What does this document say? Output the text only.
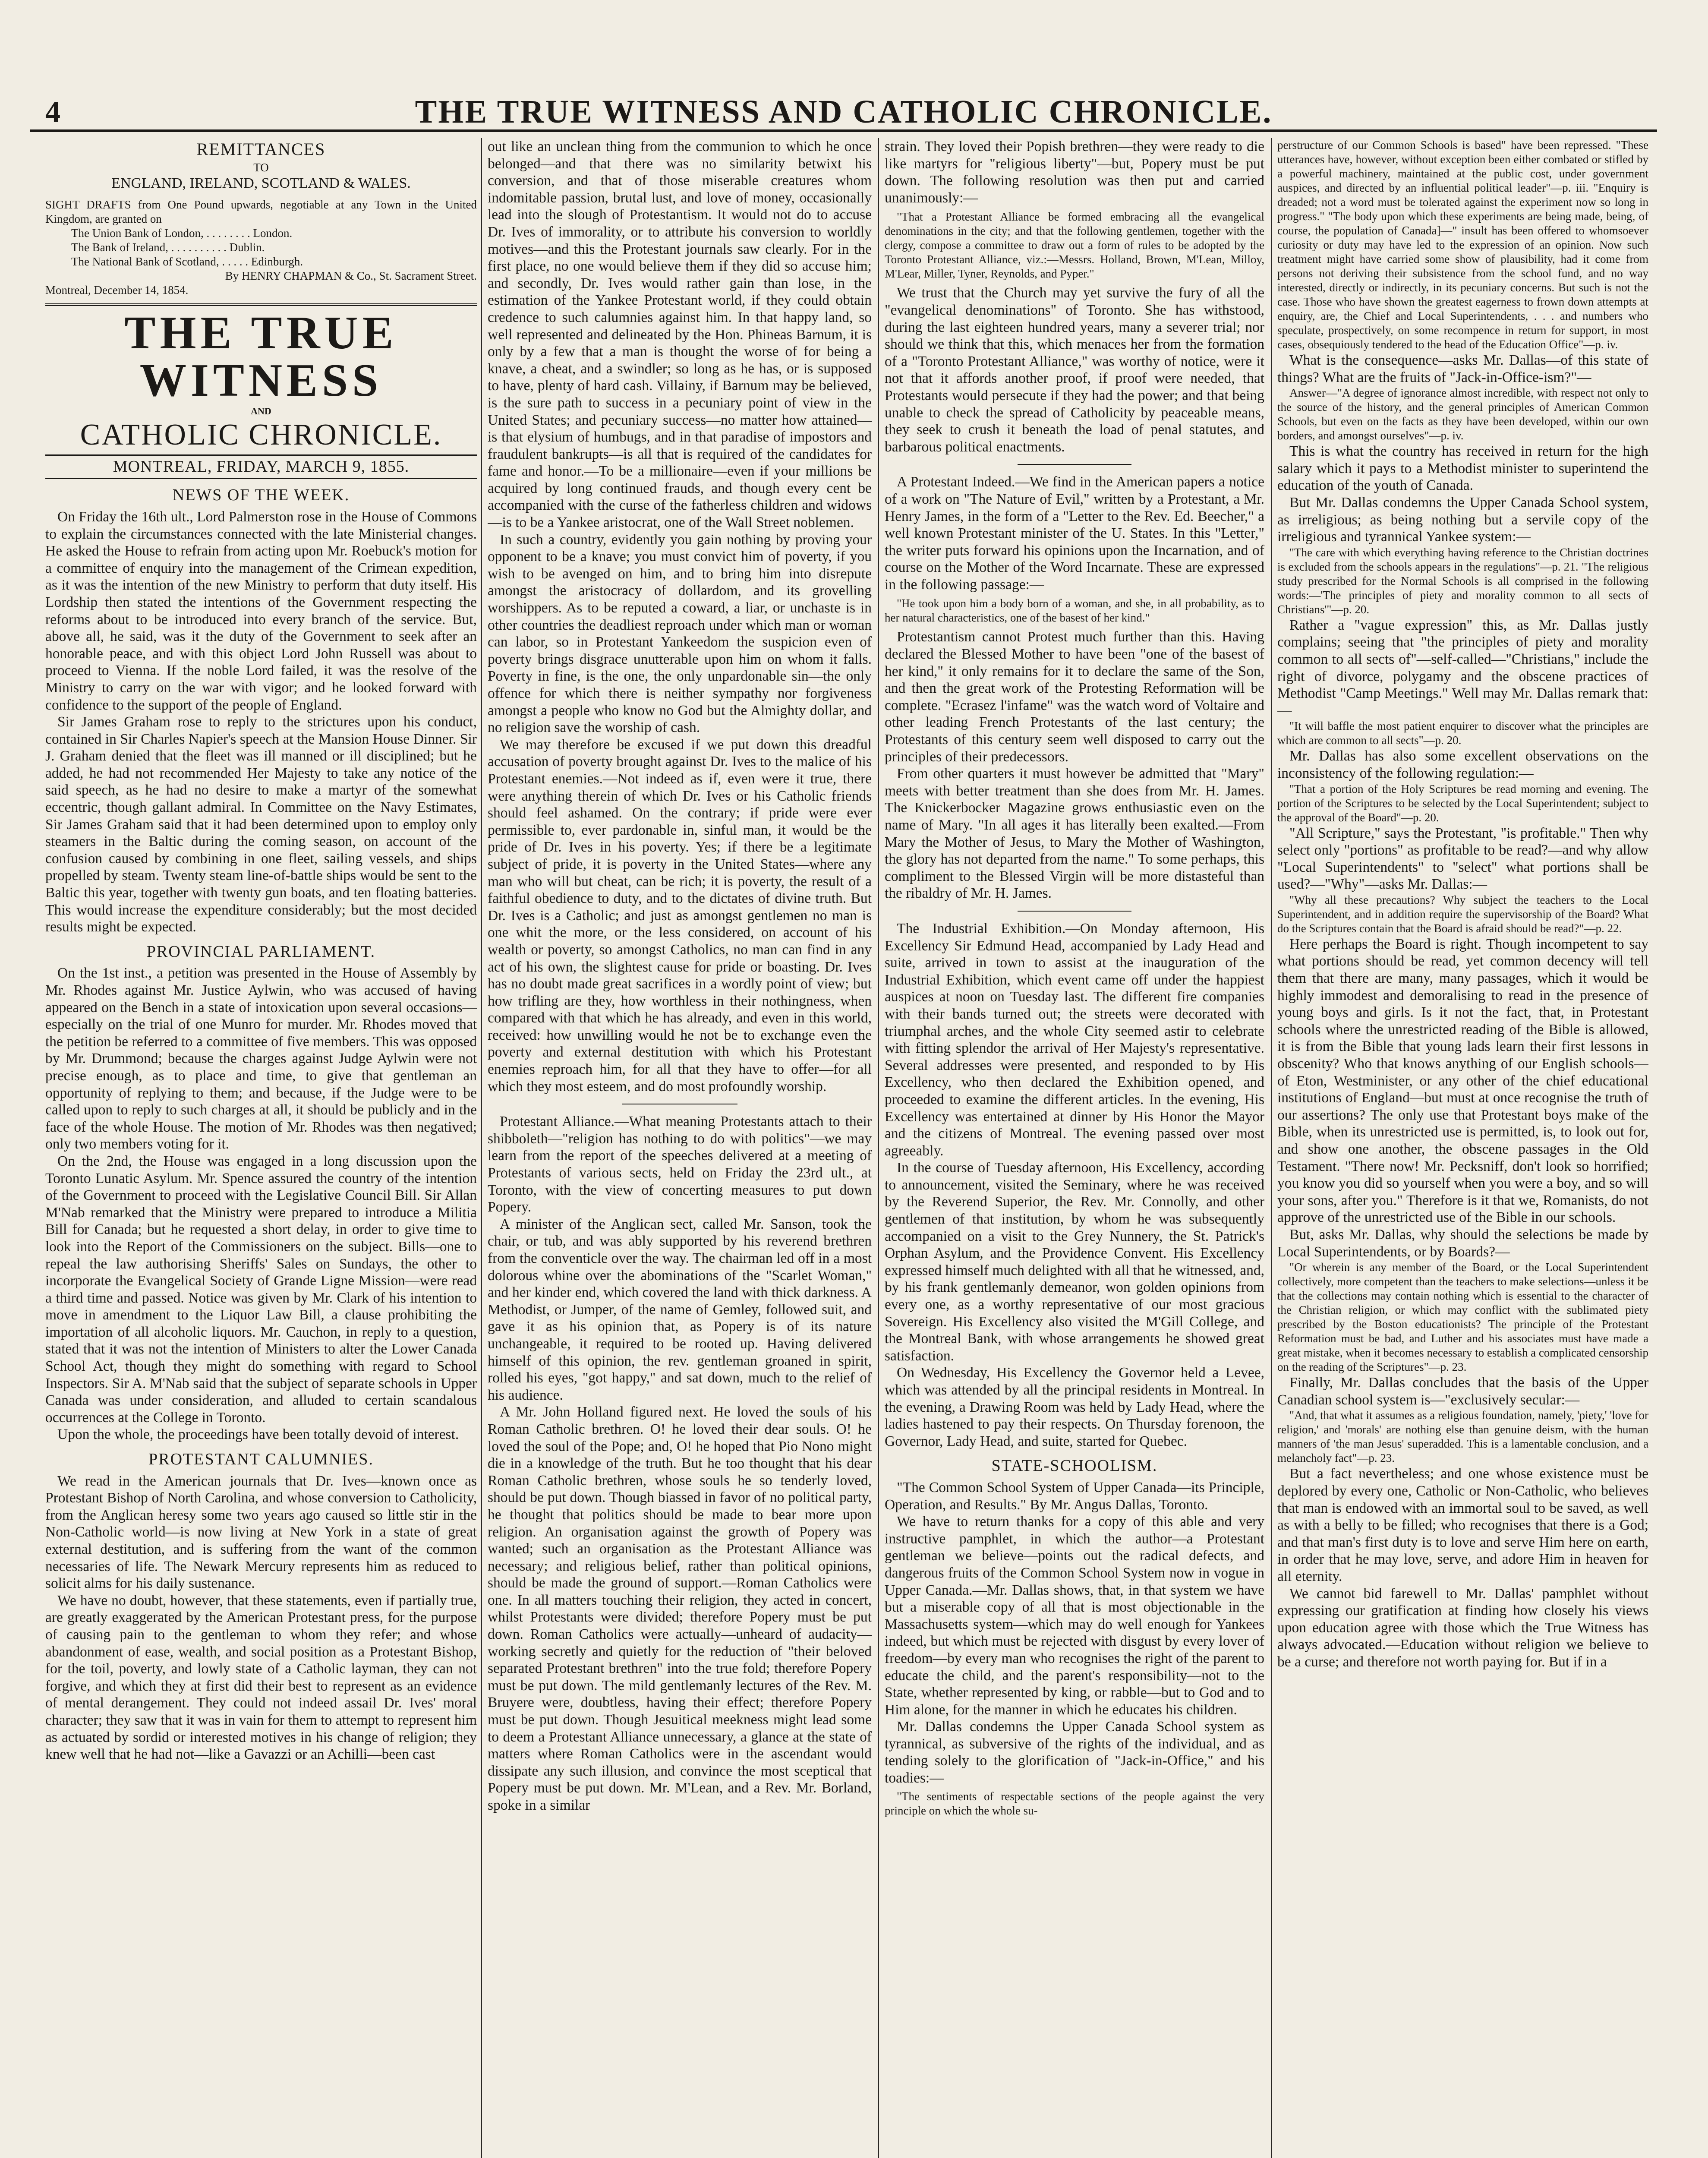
4	THE TRUE WITNESS AND CATHOLIC CHRONICLE.
REMITTANCES
TO
ENGLAND, IRELAND, SCOTLAND & WALES.

SIGHT DRAFTS from One Pound upwards, negotiable at any Town in the United Kingdom, are granted on

The Union Bank of London, . . . . . . . . London.

The Bank of Ireland, . . . . . . . . . . Dublin.

The National Bank of Scotland, . . . . . Edinburgh.

By HENRY CHAPMAN & Co., St. Sacrament Street.

Montreal, December 14, 1854.

THE TRUE WITNESS
AND
CATHOLIC CHRONICLE.
MONTREAL, FRIDAY, MARCH 9, 1855.
NEWS OF THE WEEK.

On Friday the 16th ult., Lord Palmerston rose in the House of Commons to explain the circumstances connected with the late Ministerial changes. He asked the House to refrain from acting upon Mr. Roebuck's motion for a committee of enquiry into the management of the Crimean expedition, as it was the intention of the new Ministry to perform that duty itself. His Lordship then stated the intentions of the Government respecting the reforms about to be introduced into every branch of the service. But, above all, he said, was it the duty of the Government to seek after an honorable peace, and with this object Lord John Russell was about to proceed to Vienna. If the noble Lord failed, it was the resolve of the Ministry to carry on the war with vigor; and he looked forward with confidence to the support of the people of England.

Sir James Graham rose to reply to the strictures upon his conduct, contained in Sir Charles Napier's speech at the Mansion House Dinner. Sir J. Graham denied that the fleet was ill manned or ill disciplined; but he added, he had not recommended Her Majesty to take any notice of the said speech, as he had no desire to make a martyr of the somewhat eccentric, though gallant admiral. In Committee on the Navy Estimates, Sir James Graham said that it had been determined upon to employ only steamers in the Baltic during the coming season, on account of the confusion caused by combining in one fleet, sailing vessels, and ships propelled by steam. Twenty steam line-of-battle ships would be sent to the Baltic this year, together with twenty gun boats, and ten floating batteries. This would increase the expenditure considerably; but the most decided results might be expected.

PROVINCIAL PARLIAMENT.

On the 1st inst., a petition was presented in the House of Assembly by Mr. Rhodes against Mr. Justice Aylwin, who was accused of having appeared on the Bench in a state of intoxication upon several occasions—especially on the trial of one Munro for murder. Mr. Rhodes moved that the petition be referred to a committee of five members. This was opposed by Mr. Drummond; because the charges against Judge Aylwin were not precise enough, as to place and time, to give that gentleman an opportunity of replying to them; and because, if the Judge were to be called upon to reply to such charges at all, it should be publicly and in the face of the whole House. The motion of Mr. Rhodes was then negatived; only two members voting for it.

On the 2nd, the House was engaged in a long discussion upon the Toronto Lunatic Asylum. Mr. Spence assured the country of the intention of the Government to proceed with the Legislative Council Bill. Sir Allan M'Nab remarked that the Ministry were prepared to introduce a Militia Bill for Canada; but he requested a short delay, in order to give time to look into the Report of the Commissioners on the subject. Bills—one to repeal the law authorising Sheriffs' Sales on Sundays, the other to incorporate the Evangelical Society of Grande Ligne Mission—were read a third time and passed. Notice was given by Mr. Clark of his intention to move in amendment to the Liquor Law Bill, a clause prohibiting the importation of all alcoholic liquors. Mr. Cauchon, in reply to a question, stated that it was not the intention of Ministers to alter the Lower Canada School Act, though they might do something with regard to School Inspectors. Sir A. M'Nab said that the subject of separate schools in Upper Canada was under consideration, and alluded to certain scandalous occurrences at the College in Toronto.

Upon the whole, the proceedings have been totally devoid of interest.

PROTESTANT CALUMNIES.

We read in the American journals that Dr. Ives—known once as Protestant Bishop of North Carolina, and whose conversion to Catholicity, from the Anglican heresy some two years ago caused so little stir in the Non-Catholic world—is now living at New York in a state of great external destitution, and is suffering from the want of the common necessaries of life. The Newark Mercury represents him as reduced to solicit alms for his daily sustenance.

We have no doubt, however, that these statements, even if partially true, are greatly exaggerated by the American Protestant press, for the purpose of causing pain to the gentleman to whom they refer; and whose abandonment of ease, wealth, and social position as a Protestant Bishop, for the toil, poverty, and lowly state of a Catholic layman, they can not forgive, and which they at first did their best to represent as an evidence of mental derangement. They could not indeed assail Dr. Ives' moral character; they saw that it was in vain for them to attempt to represent him as actuated by sordid or interested motives in his change of religion; they knew well that he had not—like a Gavazzi or an Achilli—been cast

out like an unclean thing from the communion to which he once belonged—and that there was no similarity betwixt his conversion, and that of those miserable creatures whom indomitable passion, brutal lust, and love of money, occasionally lead into the slough of Protestantism. It would not do to accuse Dr. Ives of immorality, or to attribute his conversion to worldly motives—and this the Protestant journals saw clearly. For in the first place, no one would believe them if they did so accuse him; and secondly, Dr. Ives would rather gain than lose, in the estimation of the Yankee Protestant world, if they could obtain credence to such calumnies against him. In that happy land, so well represented and delineated by the Hon. Phineas Barnum, it is only by a few that a man is thought the worse of for being a knave, a cheat, and a swindler; so long as he has, or is supposed to have, plenty of hard cash. Villainy, if Barnum may be believed, is the sure path to success in a pecuniary point of view in the United States; and pecuniary success—no matter how attained—is that elysium of humbugs, and in that paradise of impostors and fraudulent bankrupts—is all that is required of the candidates for fame and honor.—To be a millionaire—even if your millions be acquired by long continued frauds, and though every cent be accompanied with the curse of the fatherless children and widows—is to be a Yankee aristocrat, one of the Wall Street noblemen.

In such a country, evidently you gain nothing by proving your opponent to be a knave; you must convict him of poverty, if you wish to be avenged on him, and to bring him into disrepute amongst the aristocracy of dollardom, and its grovelling worshippers. As to be reputed a coward, a liar, or unchaste is in other countries the deadliest reproach under which man or woman can labor, so in Protestant Yankeedom the suspicion even of poverty brings disgrace unutterable upon him on whom it falls. Poverty in fine, is the one, the only unpardonable sin—the only offence for which there is neither sympathy nor forgiveness amongst a people who know no God but the Almighty dollar, and no religion save the worship of cash.

We may therefore be excused if we put down this dreadful accusation of poverty brought against Dr. Ives to the malice of his Protestant enemies.—Not indeed as if, even were it true, there were anything therein of which Dr. Ives or his Catholic friends should feel ashamed. On the contrary; if pride were ever permissible to, ever pardonable in, sinful man, it would be the pride of Dr. Ives in his poverty. Yes; if there be a legitimate subject of pride, it is poverty in the United States—where any man who will but cheat, can be rich; it is poverty, the result of a faithful obedience to duty, and to the dictates of divine truth. But Dr. Ives is a Catholic; and just as amongst gentlemen no man is one whit the more, or the less considered, on account of his wealth or poverty, so amongst Catholics, no man can find in any act of his own, the slightest cause for pride or boasting. Dr. Ives has no doubt made great sacrifices in a wordly point of view; but how trifling are they, how worthless in their nothingness, when compared with that which he has already, and even in this world, received: how unwilling would he not be to exchange even the poverty and external destitution with which his Protestant enemies reproach him, for all that they have to offer—for all which they most esteem, and do most profoundly worship.

Protestant Alliance.—What meaning Protestants attach to their shibboleth—"religion has nothing to do with politics"—we may learn from the report of the speeches delivered at a meeting of Protestants of various sects, held on Friday the 23rd ult., at Toronto, with the view of concerting measures to put down Popery.

A minister of the Anglican sect, called Mr. Sanson, took the chair, or tub, and was ably supported by his reverend brethren from the conventicle over the way. The chairman led off in a most dolorous whine over the abominations of the "Scarlet Woman," and her kinder end, which covered the land with thick darkness. A Methodist, or Jumper, of the name of Gemley, followed suit, and gave it as his opinion that, as Popery is of its nature unchangeable, it required to be rooted up. Having delivered himself of this opinion, the rev. gentleman groaned in spirit, rolled his eyes, "got happy," and sat down, much to the relief of his audience.

A Mr. John Holland figured next. He loved the souls of his Roman Catholic brethren. O! he loved their dear souls. O! he loved the soul of the Pope; and, O! he hoped that Pio Nono might die in a knowledge of the truth. But he too thought that his dear Roman Catholic brethren, whose souls he so tenderly loved, should be put down. Though biassed in favor of no political party, he thought that politics should be made to bear more upon religion. An organisation against the growth of Popery was wanted; such an organisation as the Protestant Alliance was necessary; and religious belief, rather than political opinions, should be made the ground of support.—Roman Catholics were one. In all matters touching their religion, they acted in concert, whilst Protestants were divided; therefore Popery must be put down. Roman Catholics were actually—unheard of audacity—working secretly and quietly for the reduction of "their beloved separated Protestant brethren" into the true fold; therefore Popery must be put down. The mild gentlemanly lectures of the Rev. M. Bruyere were, doubtless, having their effect; therefore Popery must be put down. Though Jesuitical meekness might lead some to deem a Protestant Alliance unnecessary, a glance at the state of matters where Roman Catholics were in the ascendant would dissipate any such illusion, and convince the most sceptical that Popery must be put down. Mr. M'Lean, and a Rev. Mr. Borland, spoke in a similar

strain. They loved their Popish brethren—they were ready to die like martyrs for "religious liberty"—but, Popery must be put down. The following resolution was then put and carried unanimously:—

"That a Protestant Alliance be formed embracing all the evangelical denominations in the city; and that the following gentlemen, together with the clergy, compose a committee to draw out a form of rules to be adopted by the Toronto Protestant Alliance, viz.:—Messrs. Holland, Brown, M'Lean, Milloy, M'Lear, Miller, Tyner, Reynolds, and Pyper."

We trust that the Church may yet survive the fury of all the "evangelical denominations" of Toronto. She has withstood, during the last eighteen hundred years, many a severer trial; nor should we think that this, which menaces her from the formation of a "Toronto Protestant Alliance," was worthy of notice, were it not that it affords another proof, if proof were needed, that Protestants would persecute if they had the power; and that being unable to check the spread of Catholicity by peaceable means, they seek to crush it beneath the load of penal statutes, and barbarous political enactments.

A Protestant Indeed.—We find in the American papers a notice of a work on "The Nature of Evil," written by a Protestant, a Mr. Henry James, in the form of a "Letter to the Rev. Ed. Beecher," a well known Protestant minister of the U. States. In this "Letter," the writer puts forward his opinions upon the Incarnation, and of course on the Mother of the Word Incarnate. These are expressed in the following passage:—

"He took upon him a body born of a woman, and she, in all probability, as to her natural characteristics, one of the basest of her kind."

Protestantism cannot Protest much further than this. Having declared the Blessed Mother to have been "one of the basest of her kind," it only remains for it to declare the same of the Son, and then the great work of the Protesting Reformation will be complete. "Ecrasez l'infame" was the watch word of Voltaire and other leading French Protestants of the last century; the Protestants of this century seem well disposed to carry out the principles of their predecessors.

From other quarters it must however be admitted that "Mary" meets with better treatment than she does from Mr. H. James. The Knickerbocker Magazine grows enthusiastic even on the name of Mary. "In all ages it has literally been exalted.—From Mary the Mother of Jesus, to Mary the Mother of Washington, the glory has not departed from the name." To some perhaps, this compliment to the Blessed Virgin will be more distasteful than the ribaldry of Mr. H. James.

The Industrial Exhibition.—On Monday afternoon, His Excellency Sir Edmund Head, accompanied by Lady Head and suite, arrived in town to assist at the inauguration of the Industrial Exhibition, which event came off under the happiest auspices at noon on Tuesday last. The different fire companies with their bands turned out; the streets were decorated with triumphal arches, and the whole City seemed astir to celebrate with fitting splendor the arrival of Her Majesty's representative. Several addresses were presented, and responded to by His Excellency, who then declared the Exhibition opened, and proceeded to examine the different articles. In the evening, His Excellency was entertained at dinner by His Honor the Mayor and the citizens of Montreal. The evening passed over most agreeably.

In the course of Tuesday afternoon, His Excellency, according to announcement, visited the Seminary, where he was received by the Reverend Superior, the Rev. Mr. Connolly, and other gentlemen of that institution, by whom he was subsequently accompanied on a visit to the Grey Nunnery, the St. Patrick's Orphan Asylum, and the Providence Convent. His Excellency expressed himself much delighted with all that he witnessed, and, by his frank gentlemanly demeanor, won golden opinions from every one, as a worthy representative of our most gracious Sovereign. His Excellency also visited the M'Gill College, and the Montreal Bank, with whose arrangements he showed great satisfaction.

On Wednesday, His Excellency the Governor held a Levee, which was attended by all the principal residents in Montreal. In the evening, a Drawing Room was held by Lady Head, where the ladies hastened to pay their respects. On Thursday forenoon, the Governor, Lady Head, and suite, started for Quebec.

STATE-SCHOOLISM.

"The Common School System of Upper Canada—its Principle, Operation, and Results." By Mr. Angus Dallas, Toronto.

We have to return thanks for a copy of this able and very instructive pamphlet, in which the author—a Protestant gentleman we believe—points out the radical defects, and dangerous fruits of the Common School System now in vogue in Upper Canada.—Mr. Dallas shows, that, in that system we have but a miserable copy of all that is most objectionable in the Massachusetts system—which may do well enough for Yankees indeed, but which must be rejected with disgust by every lover of freedom—by every man who recognises the right of the parent to educate the child, and the parent's responsibility—not to the State, whether represented by king, or rabble—but to God and to Him alone, for the manner in which he educates his children.

Mr. Dallas condemns the Upper Canada School system as tyrannical, as subversive of the rights of the individual, and as tending solely to the glorification of "Jack-in-Office," and his toadies:—

"The sentiments of respectable sections of the people against the very principle on which the whole su-

perstructure of our Common Schools is based" have been repressed. "These utterances have, however, without exception been either combated or stifled by a powerful machinery, maintained at the public cost, under government auspices, and directed by an influential political leader"—p. iii. "Enquiry is dreaded; not a word must be tolerated against the experiment now so long in progress." "The body upon which these experiments are being made, being, of course, the population of Canada]—" insult has been offered to whomsoever curiosity or duty may have led to the expression of an opinion. Now such treatment might have carried some show of plausibility, had it come from persons not deriving their subsistence from the school fund, and no way interested, directly or indirectly, in its pecuniary concerns. But such is not the case. Those who have shown the greatest eagerness to frown down attempts at enquiry, are, the Chief and Local Superintendents, . . . and numbers who speculate, prospectively, on some recompence in return for support, in most cases, obsequiously tendered to the head of the Education Office"—p. iv.

What is the consequence—asks Mr. Dallas—of this state of things? What are the fruits of "Jack-in-Office-ism?"—

Answer—"A degree of ignorance almost incredible, with respect not only to the source of the history, and the general principles of American Common Schools, but even on the facts as they have been developed, within our own borders, and amongst ourselves"—p. iv.

This is what the country has received in return for the high salary which it pays to a Methodist minister to superintend the education of the youth of Canada.

But Mr. Dallas condemns the Upper Canada School system, as irreligious; as being nothing but a servile copy of the irreligious and tyrannical Yankee system:—

"The care with which everything having reference to the Christian doctrines is excluded from the schools appears in the regulations"—p. 21. "The religious study prescribed for the Normal Schools is all comprised in the following words:—'The principles of piety and morality common to all sects of Christians'"—p. 20.

Rather a "vague expression" this, as Mr. Dallas justly complains; seeing that "the principles of piety and morality common to all sects of"—self-called—"Christians," include the right of divorce, polygamy and the obscene practices of Methodist "Camp Meetings." Well may Mr. Dallas remark that:—

"It will baffle the most patient enquirer to discover what the principles are which are common to all sects"—p. 20.

Mr. Dallas has also some excellent observations on the inconsistency of the following regulation:—

"That a portion of the Holy Scriptures be read morning and evening. The portion of the Scriptures to be selected by the Local Superintendent; subject to the approval of the Board"—p. 20.

"All Scripture," says the Protestant, "is profitable." Then why select only "portions" as profitable to be read?—and why allow "Local Superintendents" to "select" what portions shall be used?—"Why"—asks Mr. Dallas:—

"Why all these precautions? Why subject the teachers to the Local Superintendent, and in addition require the supervisorship of the Board? What do the Scriptures contain that the Board is afraid should be read?"—p. 22.

Here perhaps the Board is right. Though incompetent to say what portions should be read, yet common decency will tell them that there are many, many passages, which it would be highly immodest and demoralising to read in the presence of young boys and girls. Is it not the fact, that, in Protestant schools where the unrestricted reading of the Bible is allowed, it is from the Bible that young lads learn their first lessons in obscenity? Who that knows anything of our English schools—of Eton, Westminister, or any other of the chief educational institutions of England—but must at once recognise the truth of our assertions? The only use that Protestant boys make of the Bible, when its unrestricted use is permitted, is, to look out for, and show one another, the obscene passages in the Old Testament. "There now! Mr. Pecksniff, don't look so horrified; you know you did so yourself when you were a boy, and so will your sons, after you." Therefore is it that we, Romanists, do not approve of the unrestricted use of the Bible in our schools.

But, asks Mr. Dallas, why should the selections be made by Local Superintendents, or by Boards?—

"Or wherein is any member of the Board, or the Local Superintendent collectively, more competent than the teachers to make selections—unless it be that the collections may contain nothing which is essential to the character of the Christian religion, or which may conflict with the sublimated piety prescribed by the Boston educationists? The principle of the Protestant Reformation must be bad, and Luther and his associates must have made a great mistake, when it becomes necessary to establish a complicated censorship on the reading of the Scriptures"—p. 23.

Finally, Mr. Dallas concludes that the basis of the Upper Canadian school system is—"exclusively secular:—

"And, that what it assumes as a religious foundation, namely, 'piety,' 'love for religion,' and 'morals' are nothing else than genuine deism, with the human manners of 'the man Jesus' superadded. This is a lamentable conclusion, and a melancholy fact"—p. 23.

But a fact nevertheless; and one whose existence must be deplored by every one, Catholic or Non-Catholic, who believes that man is endowed with an immortal soul to be saved, as well as with a belly to be filled; who recognises that there is a God; and that man's first duty is to love and serve Him here on earth, in order that he may love, serve, and adore Him in heaven for all eternity.

We cannot bid farewell to Mr. Dallas' pamphlet without expressing our gratification at finding how closely his views upon education agree with those which the True Witness has always advocated.—Education without religion we believe to be a curse; and therefore not worth paying for. But if in a
